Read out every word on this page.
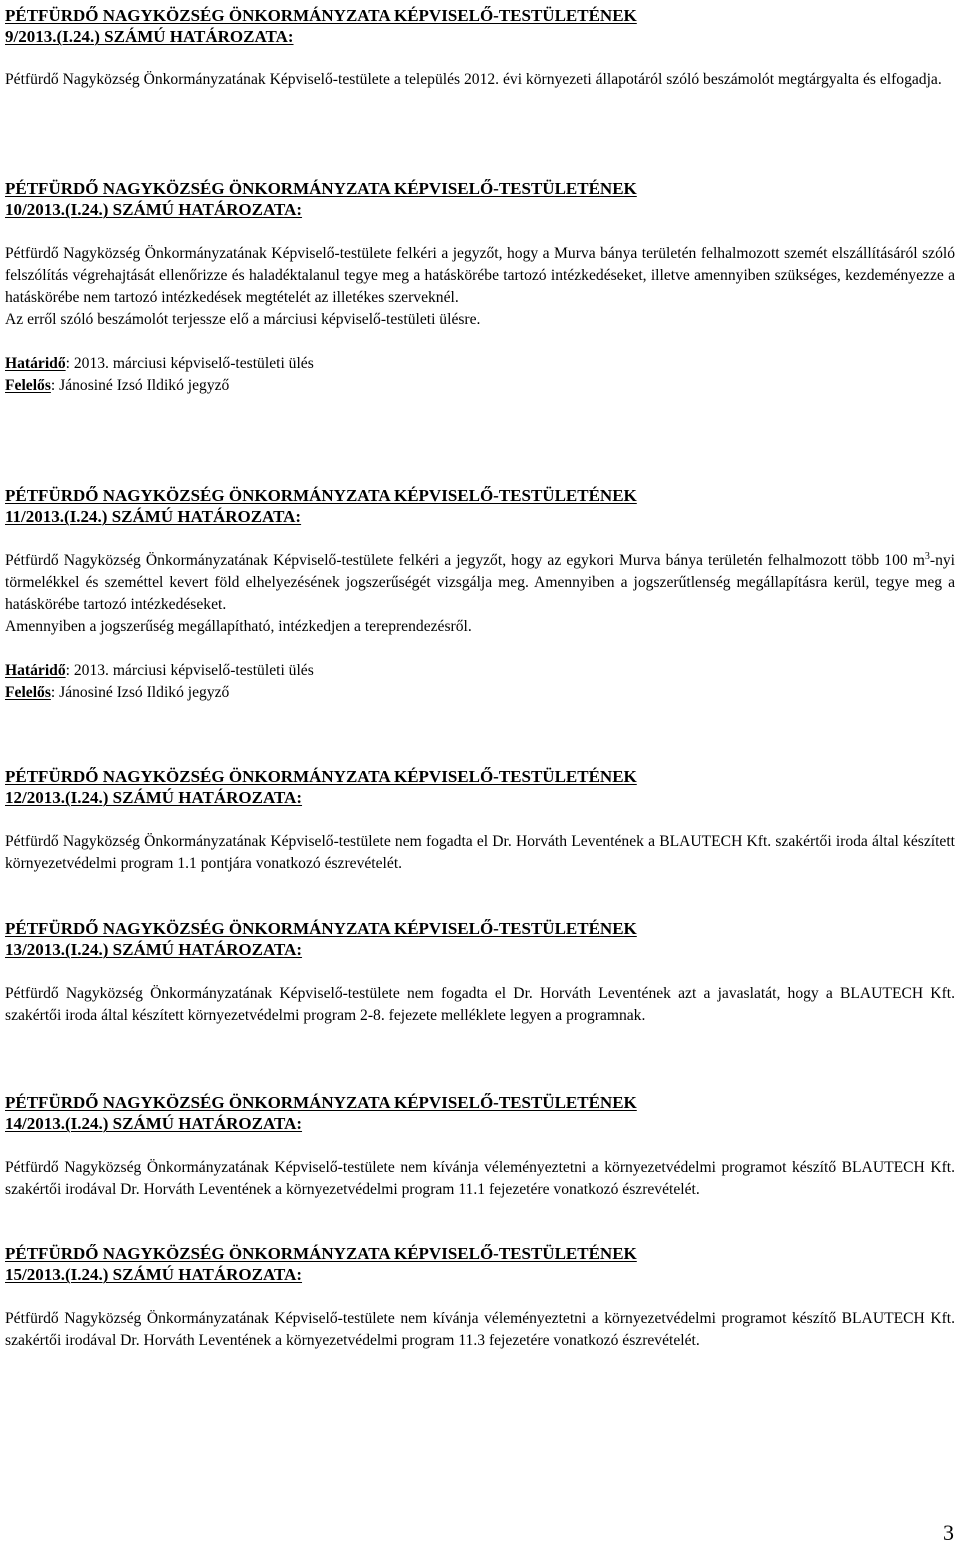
PÉTFÜRDŐ NAGYKÖZSÉG ÖNKORMÁNYZATA KÉPVISELŐ-TESTÜLETÉNEK
9/2013.(I.24.) SZÁMÚ HATÁROZATA:

Pétfürdő Nagyközség Önkormányzatának Képviselő-testülete a település 2012. évi környezeti állapotáról szóló beszámolót megtárgyalta és elfogadja.

PÉTFÜRDŐ NAGYKÖZSÉG ÖNKORMÁNYZATA KÉPVISELŐ-TESTÜLETÉNEK
10/2013.(I.24.) SZÁMÚ HATÁROZATA:

Pétfürdő Nagyközség Önkormányzatának Képviselő-testülete felkéri a jegyzőt, hogy a Murva bánya területén felhalmozott szemét elszállításáról szóló felszólítás végrehajtását ellenőrizze és haladéktalanul tegye meg a hatáskörébe tartozó intézkedéseket, illetve amennyiben szükséges, kezdeményezze a hatáskörébe nem tartozó intézkedések megtételét az illetékes szerveknél.

Az erről szóló beszámolót terjessze elő a márciusi képviselő-testületi ülésre.

Határidő: 2013. márciusi képviselő-testületi ülés
Felelős: Jánosiné Izsó Ildikó jegyző
PÉTFÜRDŐ NAGYKÖZSÉG ÖNKORMÁNYZATA KÉPVISELŐ-TESTÜLETÉNEK
11/2013.(I.24.) SZÁMÚ HATÁROZATA:

Pétfürdő Nagyközség Önkormányzatának Képviselő-testülete felkéri a jegyzőt, hogy az egykori Murva bánya területén felhalmozott több 100 $m^3$-nyi törmelékkel és szeméttel kevert föld elhelyezésének jogszerűségét vizsgálja meg. Amennyiben a jogszerűtlenség megállapításra kerül, tegye meg a hatáskörébe tartozó intézkedéseket.

Amennyiben a jogszerűség megállapítható, intézkedjen a tereprendezésről.

Határidő: 2013. márciusi képviselő-testületi ülés
Felelős: Jánosiné Izsó Ildikó jegyző
PÉTFÜRDŐ NAGYKÖZSÉG ÖNKORMÁNYZATA KÉPVISELŐ-TESTÜLETÉNEK
12/2013.(I.24.) SZÁMÚ HATÁROZATA:

Pétfürdő Nagyközség Önkormányzatának Képviselő-testülete nem fogadta el Dr. Horváth Leventének a BLAUTECH Kft. szakértői iroda által készített környezetvédelmi program 1.1 pontjára vonatkozó észrevételét.

PÉTFÜRDŐ NAGYKÖZSÉG ÖNKORMÁNYZATA KÉPVISELŐ-TESTÜLETÉNEK
13/2013.(I.24.) SZÁMÚ HATÁROZATA:

Pétfürdő Nagyközség Önkormányzatának Képviselő-testülete nem fogadta el Dr. Horváth Leventének azt a javaslatát, hogy a BLAUTECH Kft. szakértői iroda által készített környezetvédelmi program 2-8. fejezete melléklete legyen a programnak.

PÉTFÜRDŐ NAGYKÖZSÉG ÖNKORMÁNYZATA KÉPVISELŐ-TESTÜLETÉNEK
14/2013.(I.24.) SZÁMÚ HATÁROZATA:

Pétfürdő Nagyközség Önkormányzatának Képviselő-testülete nem kívánja véleményeztetni a környezetvédelmi programot készítő BLAUTECH Kft. szakértői irodával Dr. Horváth Leventének a környezetvédelmi program 11.1 fejezetére vonatkozó észrevételét.

PÉTFÜRDŐ NAGYKÖZSÉG ÖNKORMÁNYZATA KÉPVISELŐ-TESTÜLETÉNEK
15/2013.(I.24.) SZÁMÚ HATÁROZATA:

Pétfürdő Nagyközség Önkormányzatának Képviselő-testülete nem kívánja véleményeztetni a környezetvédelmi programot készítő BLAUTECH Kft. szakértői irodával Dr. Horváth Leventének a környezetvédelmi program 11.3 fejezetére vonatkozó észrevételét.

3
